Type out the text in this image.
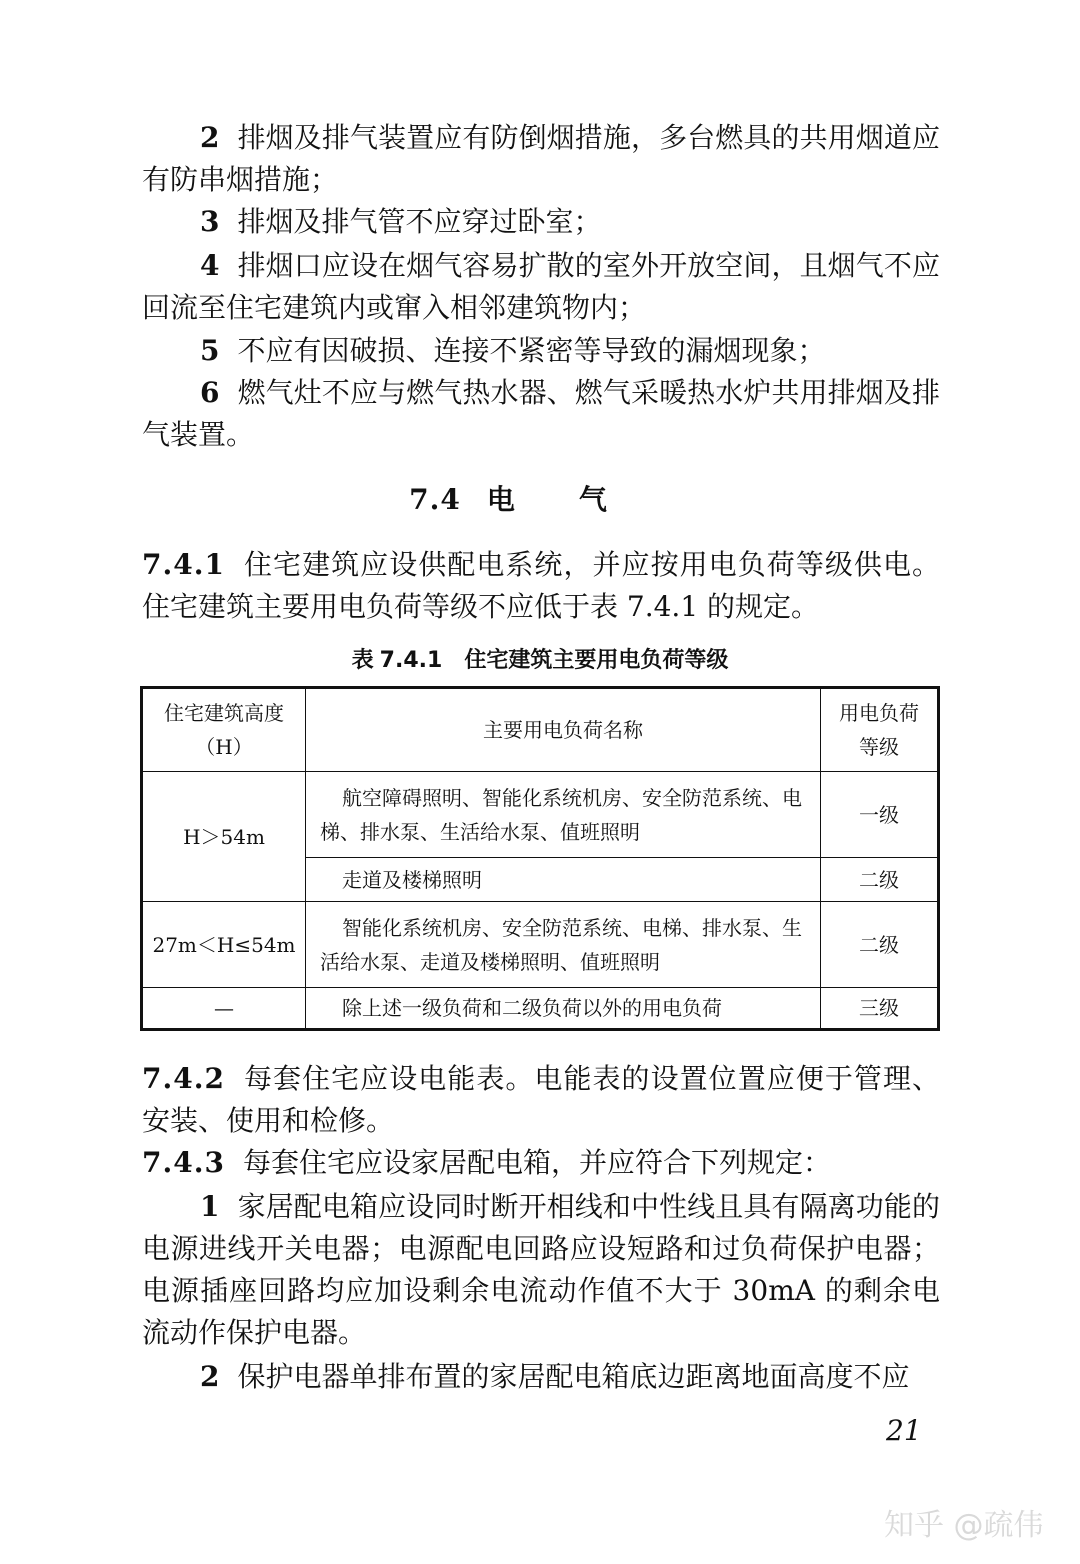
2 排烟及排气装置应有防倒烟措施，多台燃具的共用烟道应有防串烟措施；

3 排烟及排气管不应穿过卧室；

4 排烟口应设在烟气容易扩散的室外开放空间，且烟气不应回流至住宅建筑内或窜入相邻建筑物内；

5 不应有因破损、连接不紧密等导致的漏烟现象；

6 燃气灶不应与燃气热水器、燃气采暖热水炉共用排烟及排气装置。

7.4 电气

7.4.1 住宅建筑应设供配电系统，并应按用电负荷等级供电。住宅建筑主要用电负荷等级不应低于表 7.4.1 的规定。

表 7.4.1 住宅建筑主要用电负荷等级
住宅建筑高度（H）	主要用电负荷名称	用电负荷等级
H＞54m	航空障碍照明、智能化系统机房、安全防范系统、电梯、排水泵、生活给水泵、值班照明	一级
	走道及楼梯照明	二级
27m＜H≤54m	智能化系统机房、安全防范系统、电梯、排水泵、生活给水泵、走道及楼梯照明、值班照明	二级
—	除上述一级负荷和二级负荷以外的用电负荷	三级

7.4.2 每套住宅应设电能表。电能表的设置位置应便于管理、安装、使用和检修。

7.4.3 每套住宅应设家居配电箱，并应符合下列规定：

1 家居配电箱应设同时断开相线和中性线且具有隔离功能的电源进线开关电器；电源配电回路应设短路和过负荷保护电器；电源插座回路均应加设剩余电流动作值不大于 30mA 的剩余电流动作保护电器。

2 保护电器单排布置的家居配电箱底边距离地面高度不应

21
知乎 @疏伟
